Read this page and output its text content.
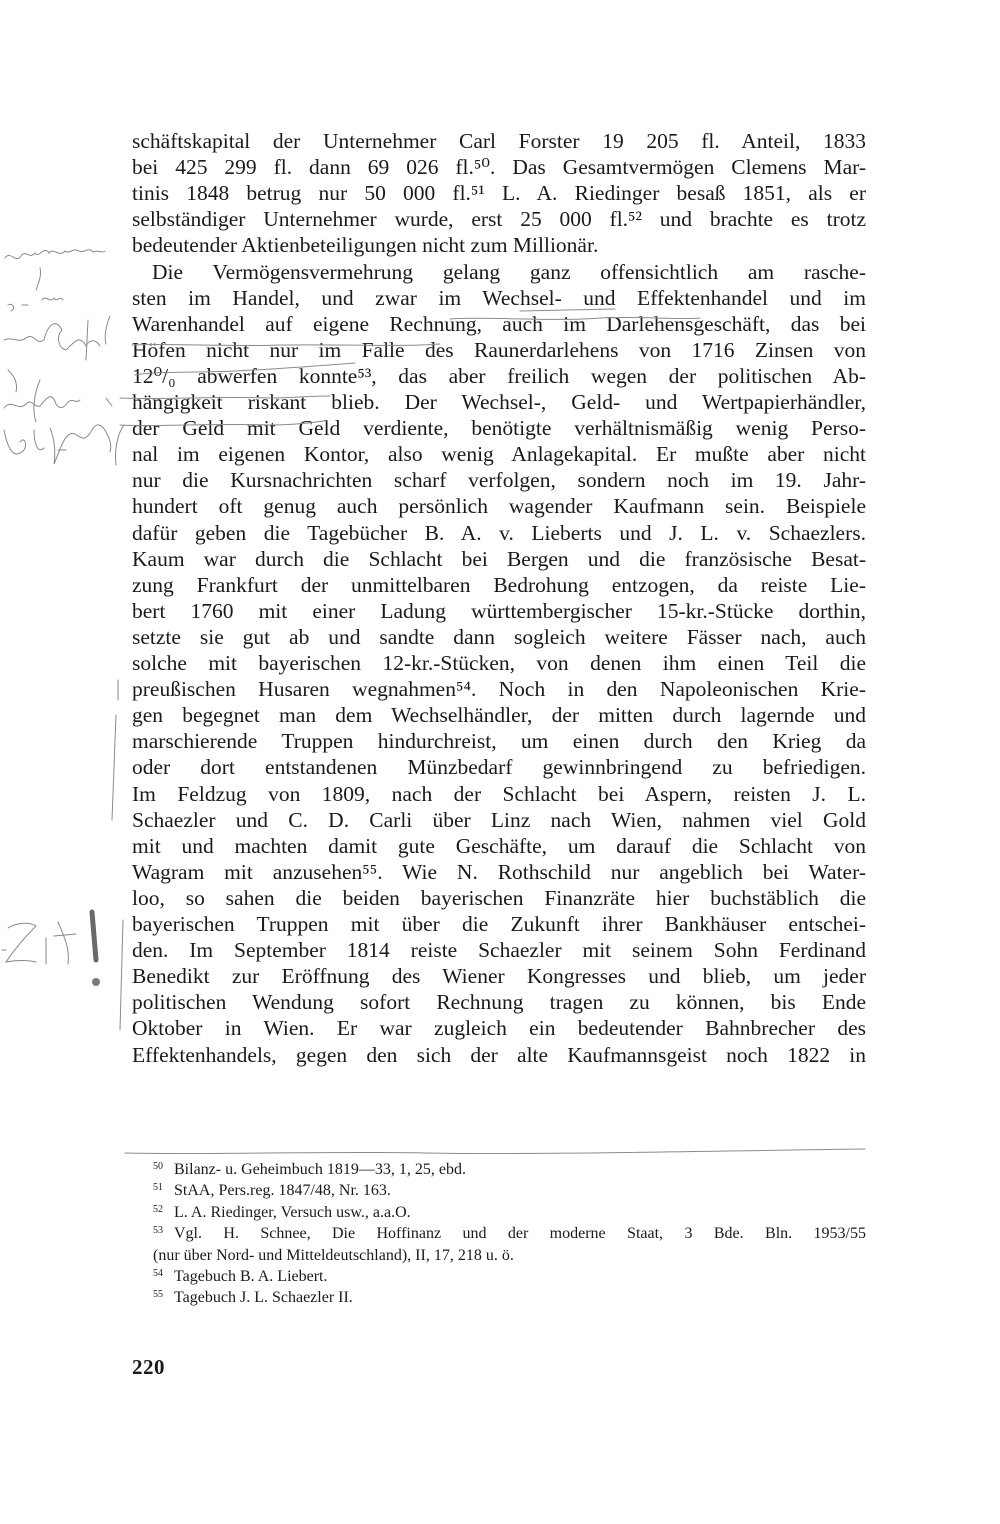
schäftskapital der Unternehmer Carl Forster 19 205 fl. Anteil, 1833
bei 425 299 fl. dann 69 026 fl.⁵⁰. Das Gesamtvermögen Clemens Mar-
tinis 1848 betrug nur 50 000 fl.⁵¹ L. A. Riedinger besaß 1851, als er
selbständiger Unternehmer wurde, erst 25 000 fl.⁵² und brachte es trotz
bedeutender Aktienbeteiligungen nicht zum Millionär.
Die Vermögensvermehrung gelang ganz offensichtlich am rasche-
sten im Handel, und zwar im Wechsel- und Effektenhandel und im
Warenhandel auf eigene Rechnung, auch im Darlehensgeschäft, das bei
Höfen nicht nur im Falle des Raunerdarlehens von 1716 Zinsen von
12⁰/₀ abwerfen konnte⁵³, das aber freilich wegen der politischen Ab-
hängigkeit riskant blieb. Der Wechsel-, Geld- und Wertpapierhändler,
der Geld mit Geld verdiente, benötigte verhältnismäßig wenig Perso-
nal im eigenen Kontor, also wenig Anlagekapital. Er mußte aber nicht
nur die Kursnachrichten scharf verfolgen, sondern noch im 19. Jahr-
hundert oft genug auch persönlich wagender Kaufmann sein. Beispiele
dafür geben die Tagebücher B. A. v. Lieberts und J. L. v. Schaezlers.
Kaum war durch die Schlacht bei Bergen und die französische Besat-
zung Frankfurt der unmittelbaren Bedrohung entzogen, da reiste Lie-
bert 1760 mit einer Ladung württembergischer 15-kr.-Stücke dorthin,
setzte sie gut ab und sandte dann sogleich weitere Fässer nach, auch
solche mit bayerischen 12-kr.-Stücken, von denen ihm einen Teil die
preußischen Husaren wegnahmen⁵⁴. Noch in den Napoleonischen Krie-
gen begegnet man dem Wechselhändler, der mitten durch lagernde und
marschierende Truppen hindurchreist, um einen durch den Krieg da
oder dort entstandenen Münzbedarf gewinnbringend zu befriedigen.
Im Feldzug von 1809, nach der Schlacht bei Aspern, reisten J. L.
Schaezler und C. D. Carli über Linz nach Wien, nahmen viel Gold
mit und machten damit gute Geschäfte, um darauf die Schlacht von
Wagram mit anzusehen⁵⁵. Wie N. Rothschild nur angeblich bei Water-
loo, so sahen die beiden bayerischen Finanzräte hier buchstäblich die
bayerischen Truppen mit über die Zukunft ihrer Bankhäuser entschei-
den. Im September 1814 reiste Schaezler mit seinem Sohn Ferdinand
Benedikt zur Eröffnung des Wiener Kongresses und blieb, um jeder
politischen Wendung sofort Rechnung tragen zu können, bis Ende
Oktober in Wien. Er war zugleich ein bedeutender Bahnbrecher des
Effektenhandels, gegen den sich der alte Kaufmannsgeist noch 1822 in
50 Bilanz- u. Geheimbuch 1819—33, 1, 25, ebd.
51 StAA, Pers.reg. 1847/48, Nr. 163.
52 L. A. Riedinger, Versuch usw., a.a.O.
53 Vgl. H. Schnee, Die Hoffinanz und der moderne Staat, 3 Bde. Bln. 1953/55
(nur über Nord- und Mitteldeutschland), II, 17, 218 u. ö.
54 Tagebuch B. A. Liebert.
55 Tagebuch J. L. Schaezler II.
220
